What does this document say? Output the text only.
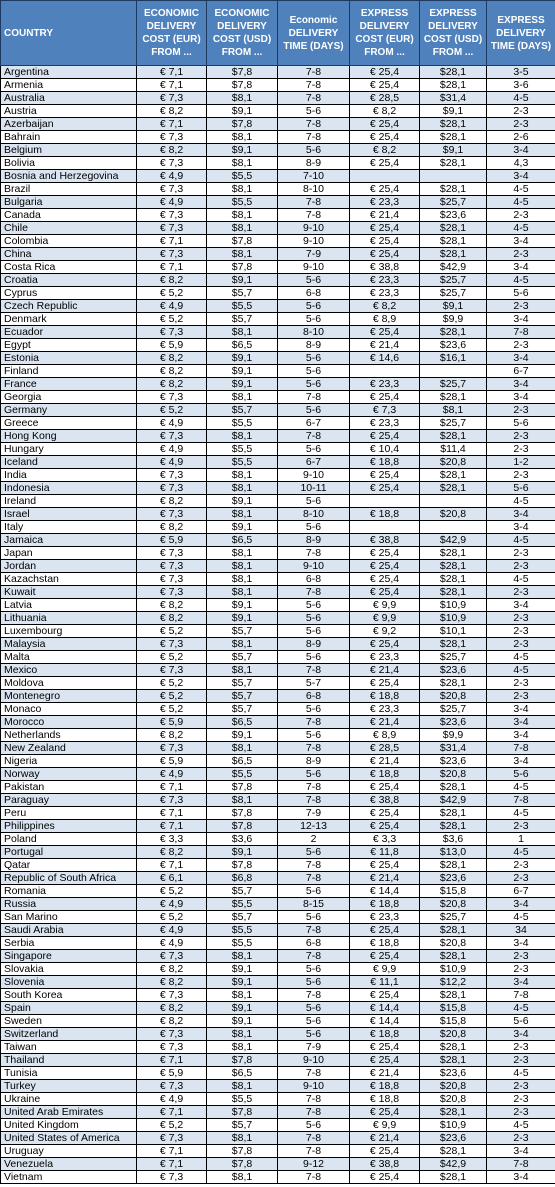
COUNTRY	ECONOMIC DELIVERY COST (EUR) FROM ...	ECONOMIC DELIVERY COST (USD) FROM ...	Economic DELIVERY TIME (DAYS)	EXPRESS DELIVERY COST (EUR) FROM ...	EXPRESS DELIVERY COST (USD) FROM ...	EXPRESS DELIVERY TIME (DAYS)
Argentina	€ 7,1	$7,8	7-8	€ 25,4	$28,1	3-5
Armenia	€ 7,1	$7,8	7-8	€ 25,4	$28,1	3-6
Australia	€ 7,3	$8,1	7-8	€ 28,5	$31,4	4-5
Austria	€ 8,2	$9,1	5-6	€ 8,2	$9,1	2-3
Azerbaijan	€ 7,1	$7,8	7-8	€ 25,4	$28,1	2-3
Bahrain	€ 7,3	$8,1	7-8	€ 25,4	$28,1	2-6
Belgium	€ 8,2	$9,1	5-6	€ 8,2	$9,1	3-4
Bolivia	€ 7,3	$8,1	8-9	€ 25,4	$28,1	4,3
Bosnia and Herzegovina	€ 4,9	$5,5	7-10			3-4
Brazil	€ 7,3	$8,1	8-10	€ 25,4	$28,1	4-5
Bulgaria	€ 4,9	$5,5	7-8	€ 23,3	$25,7	4-5
Canada	€ 7,3	$8,1	7-8	€ 21,4	$23,6	2-3
Chile	€ 7,3	$8,1	9-10	€ 25,4	$28,1	4-5
Colombia	€ 7,1	$7,8	9-10	€ 25,4	$28,1	3-4
China	€ 7,3	$8,1	7-9	€ 25,4	$28,1	2-3
Costa Rica	€ 7,1	$7,8	9-10	€ 38,8	$42,9	3-4
Croatia	€ 8,2	$9,1	5-6	€ 23,3	$25,7	4-5
Cyprus	€ 5,2	$5,7	6-8	€ 23,3	$25,7	5-6
Czech Republic	€ 4,9	$5,5	5-6	€ 8,2	$9,1	2-3
Denmark	€ 5,2	$5,7	5-6	€ 8,9	$9,9	3-4
Ecuador	€ 7,3	$8,1	8-10	€ 25,4	$28,1	7-8
Egypt	€ 5,9	$6,5	8-9	€ 21,4	$23,6	2-3
Estonia	€ 8,2	$9,1	5-6	€ 14,6	$16,1	3-4
Finland	€ 8,2	$9,1	5-6			6-7
France	€ 8,2	$9,1	5-6	€ 23,3	$25,7	3-4
Georgia	€ 7,3	$8,1	7-8	€ 25,4	$28,1	3-4
Germany	€ 5,2	$5,7	5-6	€ 7,3	$8,1	2-3
Greece	€ 4,9	$5,5	6-7	€ 23,3	$25,7	5-6
Hong Kong	€ 7,3	$8,1	7-8	€ 25,4	$28,1	2-3
Hungary	€ 4,9	$5,5	5-6	€ 10,4	$11,4	2-3
Iceland	€ 4,9	$5,5	6-7	€ 18,8	$20,8	1-2
India	€ 7,3	$8,1	9-10	€ 25,4	$28,1	2-3
Indonesia	€ 7,3	$8,1	10-11	€ 25,4	$28,1	5-6
Ireland	€ 8,2	$9,1	5-6			4-5
Israel	€ 7,3	$8,1	8-10	€ 18,8	$20,8	3-4
Italy	€ 8,2	$9,1	5-6			3-4
Jamaica	€ 5,9	$6,5	8-9	€ 38,8	$42,9	4-5
Japan	€ 7,3	$8,1	7-8	€ 25,4	$28,1	2-3
Jordan	€ 7,3	$8,1	9-10	€ 25,4	$28,1	2-3
Kazachstan	€ 7,3	$8,1	6-8	€ 25,4	$28,1	4-5
Kuwait	€ 7,3	$8,1	7-8	€ 25,4	$28,1	2-3
Latvia	€ 8,2	$9,1	5-6	€ 9,9	$10,9	3-4
Lithuania	€ 8,2	$9,1	5-6	€ 9,9	$10,9	2-3
Luxembourg	€ 5,2	$5,7	5-6	€ 9,2	$10,1	2-3
Malaysia	€ 7,3	$8,1	8-9	€ 25,4	$28,1	2-3
Malta	€ 5,2	$5,7	5-6	€ 23,3	$25,7	4-5
Mexico	€ 7,3	$8,1	7-8	€ 21,4	$23,6	4-5
Moldova	€ 5,2	$5,7	5-7	€ 25,4	$28,1	2-3
Montenegro	€ 5,2	$5,7	6-8	€ 18,8	$20,8	2-3
Monaco	€ 5,2	$5,7	5-6	€ 23,3	$25,7	3-4
Morocco	€ 5,9	$6,5	7-8	€ 21,4	$23,6	3-4
Netherlands	€ 8,2	$9,1	5-6	€ 8,9	$9,9	3-4
New Zealand	€ 7,3	$8,1	7-8	€ 28,5	$31,4	7-8
Nigeria	€ 5,9	$6,5	8-9	€ 21,4	$23,6	3-4
Norway	€ 4,9	$5,5	5-6	€ 18,8	$20,8	5-6
Pakistan	€ 7,1	$7,8	7-8	€ 25,4	$28,1	4-5
Paraguay	€ 7,3	$8,1	7-8	€ 38,8	$42,9	7-8
Peru	€ 7,1	$7,8	7-9	€ 25,4	$28,1	4-5
Philippines	€ 7,1	$7,8	12-13	€ 25,4	$28,1	2-3
Poland	€ 3,3	$3,6	2	€ 3,3	$3,6	1
Portugal	€ 8,2	$9,1	5-6	€ 11,8	$13,0	4-5
Qatar	€ 7,1	$7,8	7-8	€ 25,4	$28,1	2-3
Republic of South Africa	€ 6,1	$6,8	7-8	€ 21,4	$23,6	2-3
Romania	€ 5,2	$5,7	5-6	€ 14,4	$15,8	6-7
Russia	€ 4,9	$5,5	8-15	€ 18,8	$20,8	3-4
San Marino	€ 5,2	$5,7	5-6	€ 23,3	$25,7	4-5
Saudi Arabia	€ 4,9	$5,5	7-8	€ 25,4	$28,1	34
Serbia	€ 4,9	$5,5	6-8	€ 18,8	$20,8	3-4
Singapore	€ 7,3	$8,1	7-8	€ 25,4	$28,1	2-3
Slovakia	€ 8,2	$9,1	5-6	€ 9,9	$10,9	2-3
Slovenia	€ 8,2	$9,1	5-6	€ 11,1	$12,2	3-4
South Korea	€ 7,3	$8,1	7-8	€ 25,4	$28,1	7-8
Spain	€ 8,2	$9,1	5-6	€ 14,4	$15,8	4-5
Sweden	€ 8,2	$9,1	5-6	€ 14,4	$15,8	5-6
Switzerland	€ 7,3	$8,1	5-6	€ 18,8	$20,8	3-4
Taiwan	€ 7,3	$8,1	7-9	€ 25,4	$28,1	2-3
Thailand	€ 7,1	$7,8	9-10	€ 25,4	$28,1	2-3
Tunisia	€ 5,9	$6,5	7-8	€ 21,4	$23,6	4-5
Turkey	€ 7,3	$8,1	9-10	€ 18,8	$20,8	2-3
Ukraine	€ 4,9	$5,5	7-8	€ 18,8	$20,8	2-3
United Arab Emirates	€ 7,1	$7,8	7-8	€ 25,4	$28,1	2-3
United Kingdom	€ 5,2	$5,7	5-6	€ 9,9	$10,9	4-5
United States of America	€ 7,3	$8,1	7-8	€ 21,4	$23,6	2-3
Uruguay	€ 7,1	$7,8	7-8	€ 25,4	$28,1	3-4
Venezuela	€ 7,1	$7,8	9-12	€ 38,8	$42,9	7-8
Vietnam	€ 7,3	$8,1	7-8	€ 25,4	$28,1	3-4
